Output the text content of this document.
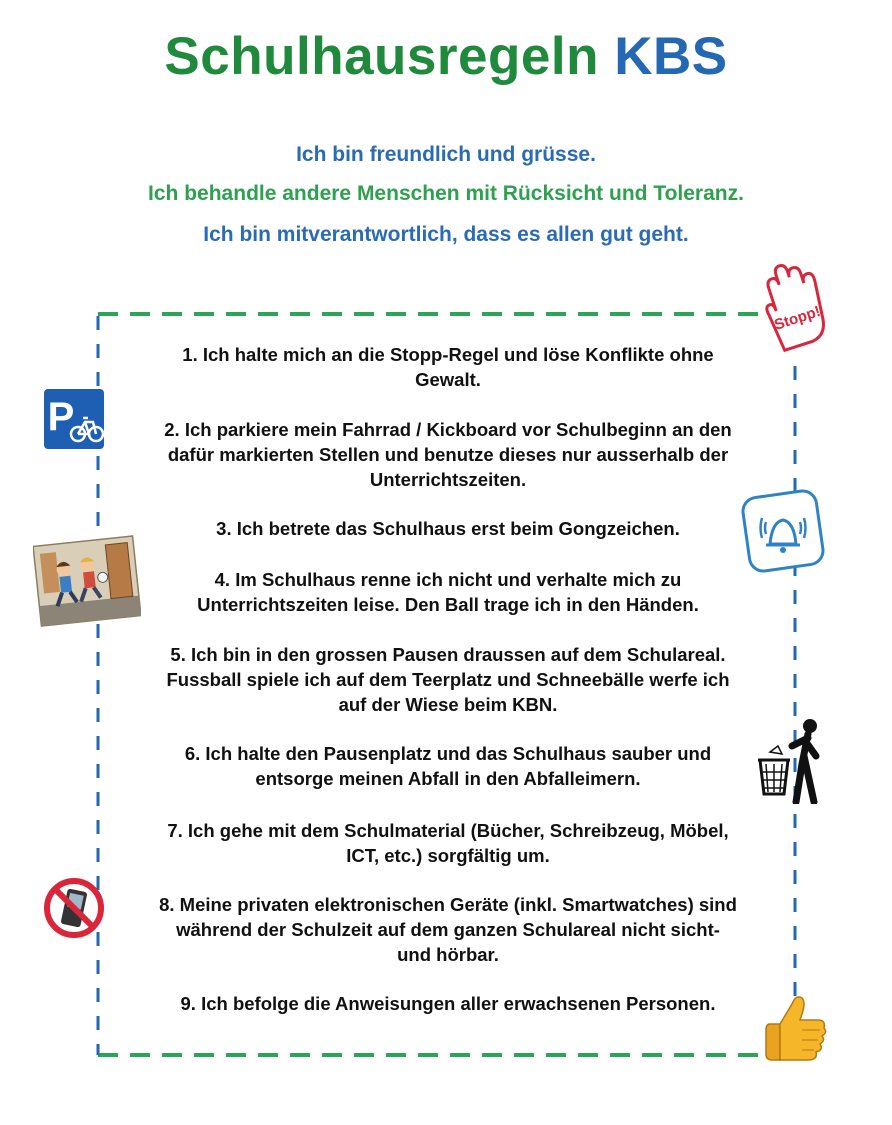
Schulhausregeln KBS
Ich bin freundlich und grüsse.
Ich behandle andere Menschen mit Rücksicht und Toleranz.
Ich bin mitverantwortlich, dass es allen gut geht.
1. Ich halte mich an die Stopp-Regel und löse Konflikte ohne
Gewalt.
2. Ich parkiere mein Fahrrad / Kickboard vor Schulbeginn an den
dafür markierten Stellen und benutze dieses nur ausserhalb der
Unterrichtszeiten.
3. Ich betrete das Schulhaus erst beim Gongzeichen.
4. Im Schulhaus renne ich nicht und verhalte mich zu
Unterrichtszeiten leise. Den Ball trage ich in den Händen.
5. Ich bin in den grossen Pausen draussen auf dem Schulareal.
Fussball spiele ich auf dem Teerplatz und Schneebälle werfe ich
auf der Wiese beim KBN.
6. Ich halte den Pausenplatz und das Schulhaus sauber und
entsorge meinen Abfall in den Abfalleimern.
7. Ich gehe mit dem Schulmaterial (Bücher, Schreibzeug, Möbel,
ICT, etc.) sorgfältig um.
8. Meine privaten elektronischen Geräte (inkl. Smartwatches) sind
während der Schulzeit auf dem ganzen Schulareal nicht sicht-
und hörbar.
9. Ich befolge die Anweisungen aller erwachsenen Personen.
Stopp!
P
